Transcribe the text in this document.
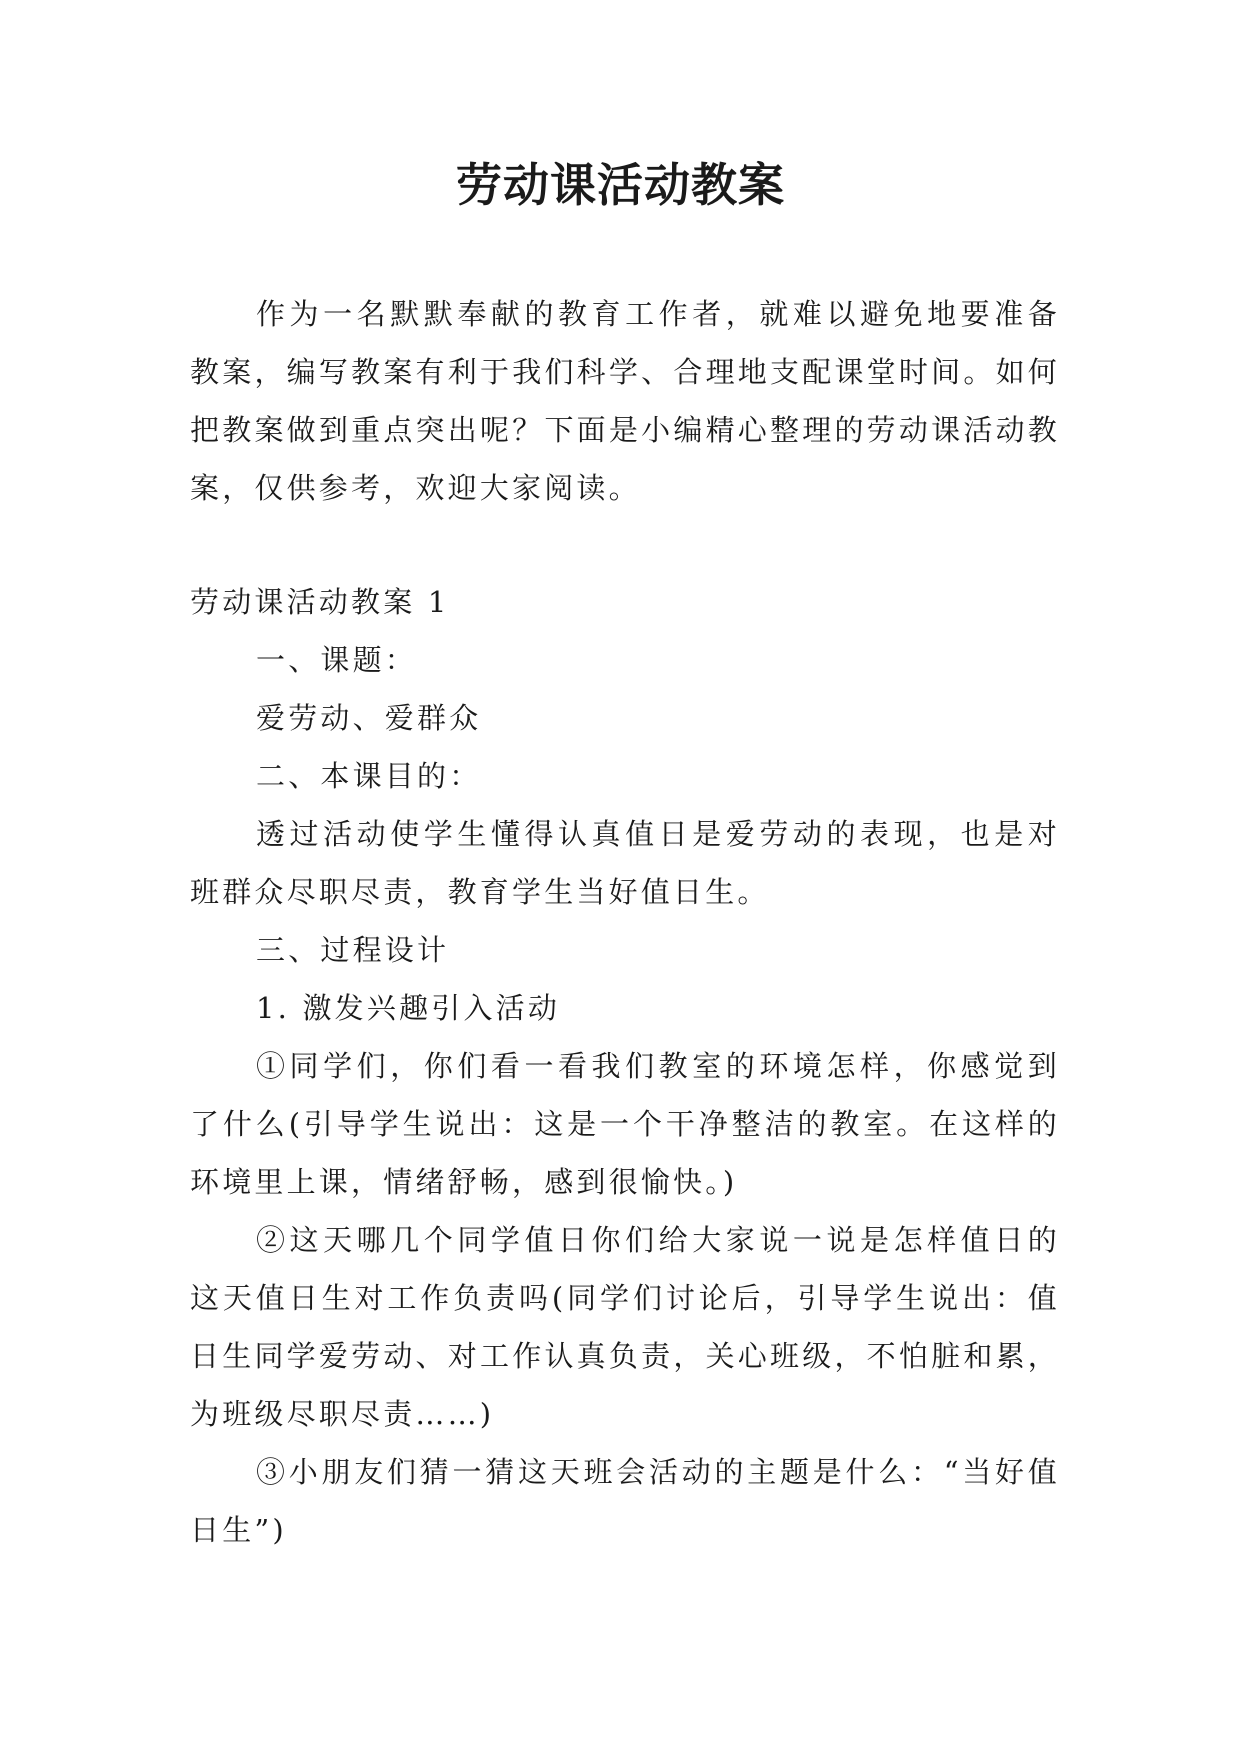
劳动课活动教案

作为一名默默奉献的教育工作者，就难以避免地要准备教案，编写教案有利于我们科学、合理地支配课堂时间。如何把教案做到重点突出呢？下面是小编精心整理的劳动课活动教案，仅供参考，欢迎大家阅读。

劳动课活动教案 1

一、课题：

爱劳动、爱群众

二、本课目的：

透过活动使学生懂得认真值日是爱劳动的表现，也是对班群众尽职尽责，教育学生当好值日生。

三、过程设计

1. 激发兴趣引入活动

①同学们，你们看一看我们教室的环境怎样，你感觉到了什么(引导学生说出：这是一个干净整洁的教室。在这样的环境里上课，情绪舒畅，感到很愉快。)

②这天哪几个同学值日你们给大家说一说是怎样值日的这天值日生对工作负责吗(同学们讨论后，引导学生说出：值日生同学爱劳动、对工作认真负责，关心班级，不怕脏和累，为班级尽职尽责……)

③小朋友们猜一猜这天班会活动的主题是什么：“当好值日生”)
